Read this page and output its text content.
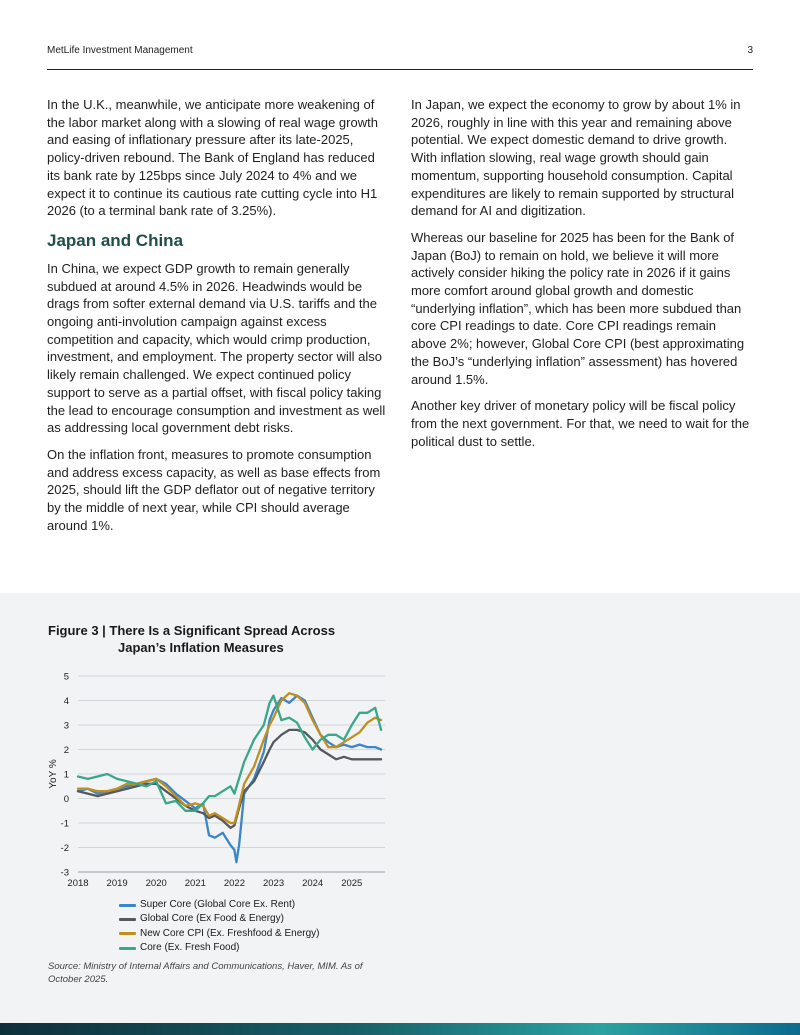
MetLife Investment Management	3

In the U.K., meanwhile, we anticipate more weakening of the labor market along with a slowing of real wage growth and easing of inflationary pressure after its late-2025, policy-driven rebound. The Bank of England has reduced its bank rate by 125bps since July 2024 to 4% and we expect it to continue its cautious rate cutting cycle into H1 2026 (to a terminal bank rate of 3.25%).

Japan and China

In China, we expect GDP growth to remain generally subdued at around 4.5% in 2026. Headwinds would be drags from softer external demand via U.S. tariffs and the ongoing anti-involution campaign against excess competition and capacity, which would crimp production, investment, and employment. The property sector will also likely remain challenged. We expect continued policy support to serve as a partial offset, with fiscal policy taking the lead to encourage consumption and investment as well as addressing local government debt risks.

On the inflation front, measures to promote consumption and address excess capacity, as well as base effects from 2025, should lift the GDP deflator out of negative territory by the middle of next year, while CPI should average around 1%.

In Japan, we expect the economy to grow by about 1% in 2026, roughly in line with this year and remaining above potential. We expect domestic demand to drive growth. With inflation slowing, real wage growth should gain momentum, supporting household consumption. Capital expenditures are likely to remain supported by structural demand for AI and digitization.

Whereas our baseline for 2025 has been for the Bank of Japan (BoJ) to remain on hold, we believe it will more actively consider hiking the policy rate in 2026 if it gains more comfort around global growth and domestic “underlying inflation”, which has been more subdued than core CPI readings to date. Core CPI readings remain above 2%; however, Global Core CPI (best approximating the BoJ’s “underlying inflation” assessment) has hovered around 1.5%.

Another key driver of monetary policy will be fiscal policy from the next government. For that, we need to wait for the political dust to settle.

Figure 3 | There Is a Significant Spread Across
Japan’s Inflation Measures
-3
-2
-1
0
1
2
3
4
5
2018 2019 2020 2021 2022 2023 2024 2025
YoY %
Super Core (Global Core Ex. Rent)
Global Core (Ex Food & Energy)
New Core CPI (Ex. Freshfood & Energy)
Core (Ex. Fresh Food)
Source: Ministry of Internal Affairs and Communications, Haver, MIM. As of October 2025.
